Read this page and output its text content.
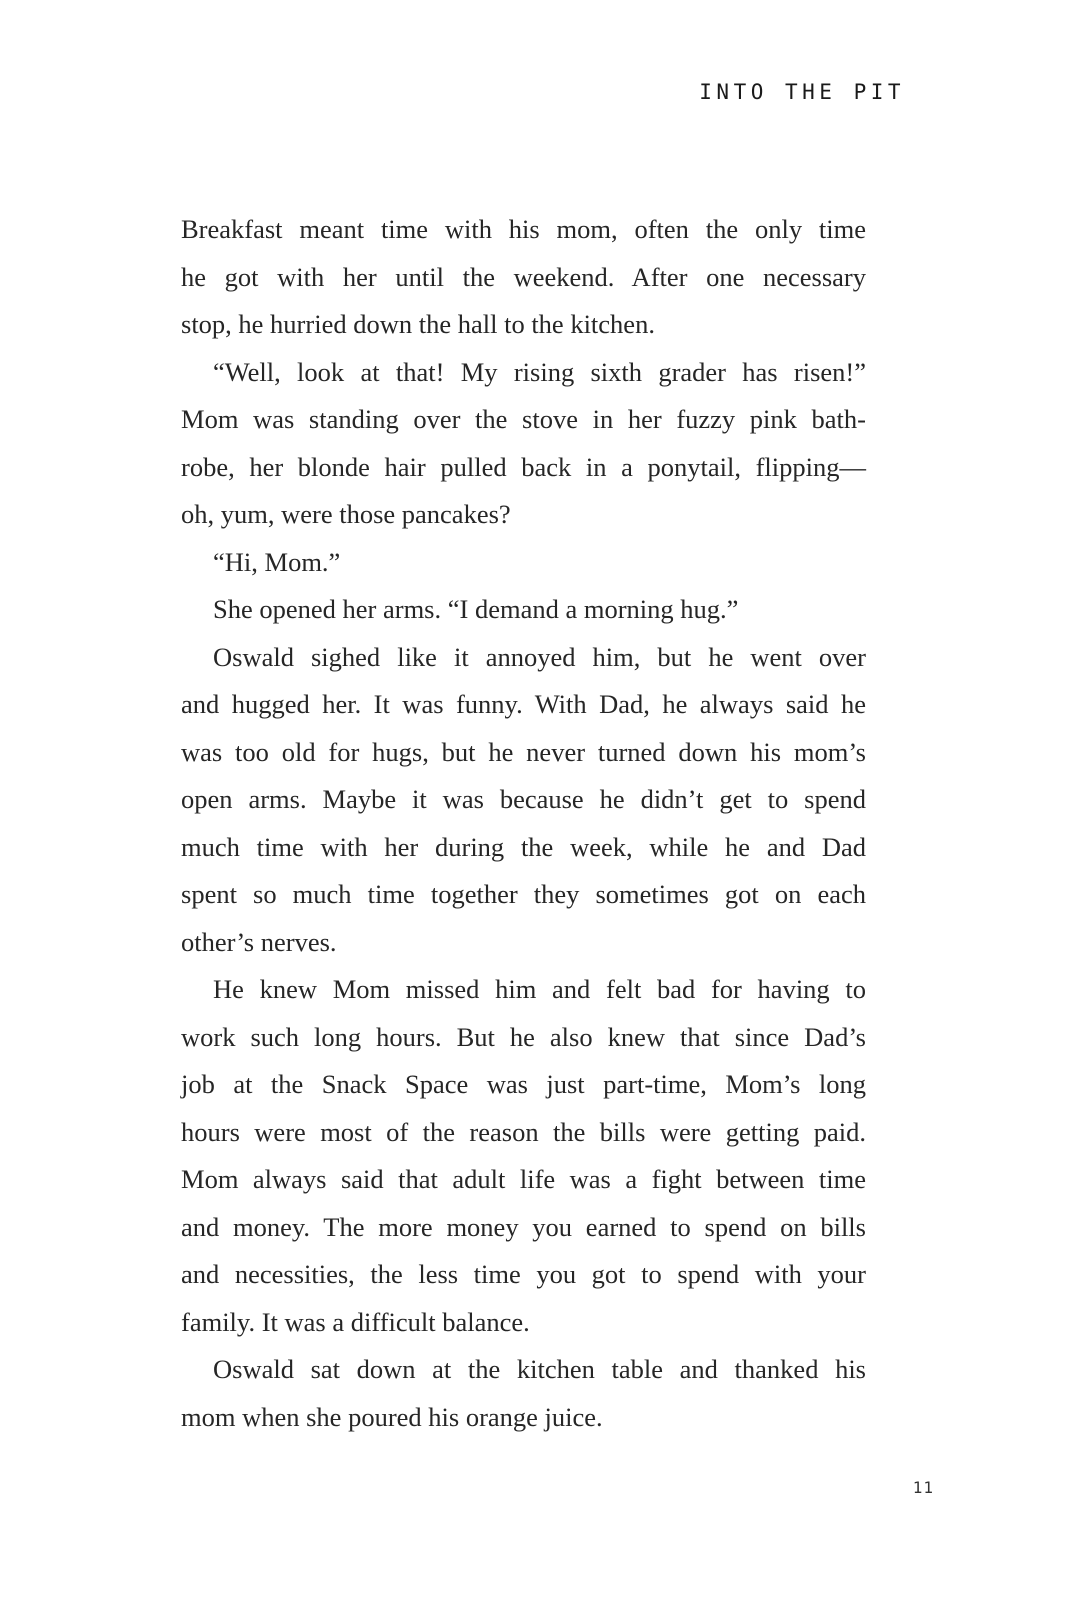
INTO THE PIT
Breakfast meant time with his mom, often the only time
he got with her until the weekend. After one necessary
stop, he hurried down the hall to the kitchen.
“Well, look at that! My rising sixth grader has risen!”
Mom was standing over the stove in her fuzzy pink bath-
robe, her blonde hair pulled back in a ponytail, flipping—
oh, yum, were those pancakes?
“Hi, Mom.”
She opened her arms. “I demand a morning hug.”
Oswald sighed like it annoyed him, but he went over
and hugged her. It was funny. With Dad, he always said he
was too old for hugs, but he never turned down his mom’s
open arms. Maybe it was because he didn’t get to spend
much time with her during the week, while he and Dad
spent so much time together they sometimes got on each
other’s nerves.
He knew Mom missed him and felt bad for having to
work such long hours. But he also knew that since Dad’s
job at the Snack Space was just part-time, Mom’s long
hours were most of the reason the bills were getting paid.
Mom always said that adult life was a fight between time
and money. The more money you earned to spend on bills
and necessities, the less time you got to spend with your
family. It was a difficult balance.
Oswald sat down at the kitchen table and thanked his
mom when she poured his orange juice.
11
